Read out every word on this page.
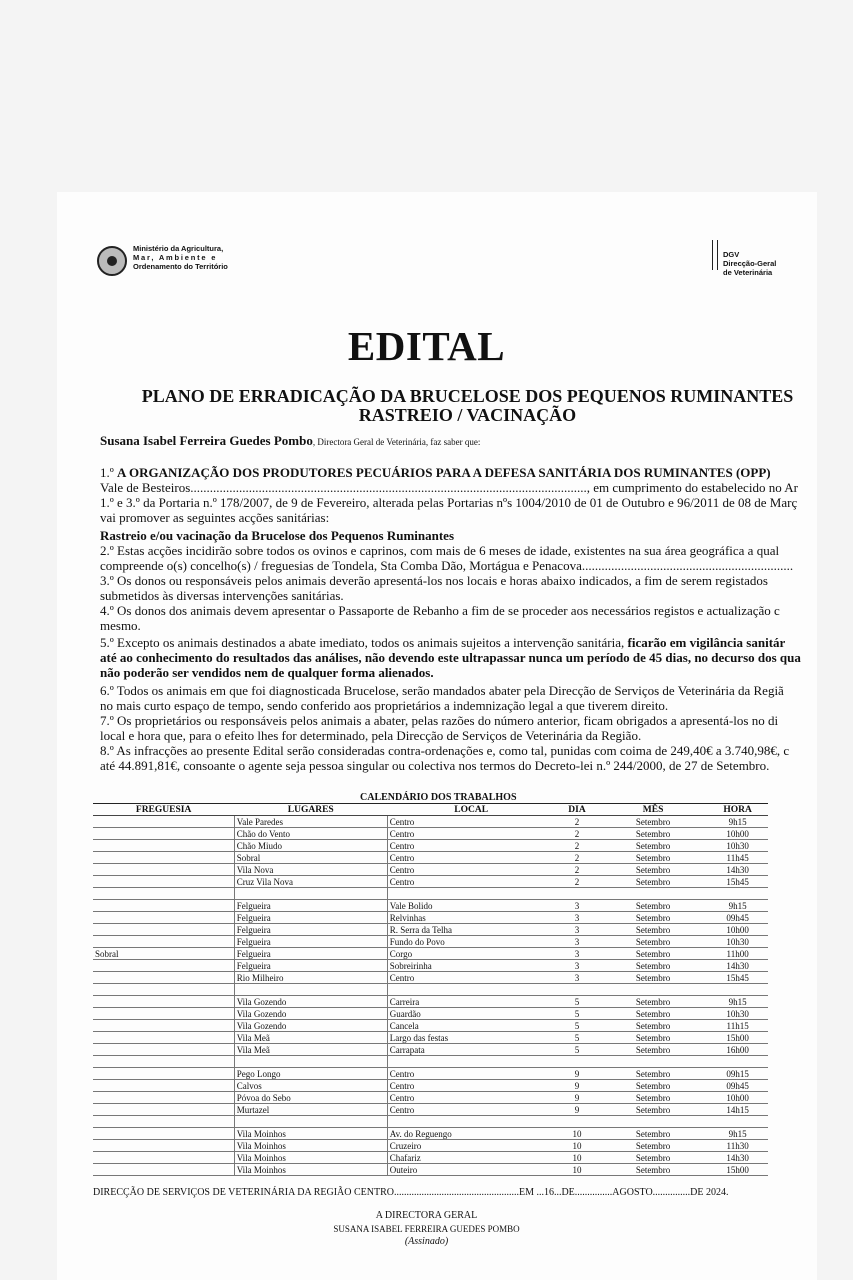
Ministério da Agricultura,
Mar, Ambiente e
Ordenamento do Território
DGV
Direcção-Geral
de Veterinária
EDITAL
PLANO DE ERRADICAÇÃO DA BRUCELOSE DOS PEQUENOS RUMINANTES
RASTREIO / VACINAÇÃO
Susana Isabel Ferreira Guedes Pombo, Directora Geral de Veterinária, faz saber que:
1.º A ORGANIZAÇÃO DOS PRODUTORES PECUÁRIOS PARA A DEFESA SANITÁRIA DOS RUMINANTES (OPP)
Vale de Besteiros.........................................................................................................................., em cumprimento do estabelecido no Ar
1.º e 3.º da Portaria n.º 178/2007, de 9 de Fevereiro, alterada pelas Portarias nºs 1004/2010 de 01 de Outubro e 96/2011 de 08 de Març
vai promover as seguintes acções sanitárias:
Rastreio e/ou vacinação da Brucelose dos Pequenos Ruminantes
2.º Estas acções incidirão sobre todos os ovinos e caprinos, com mais de 6 meses de idade, existentes na sua área geográfica a qual
compreende o(s) concelho(s) / freguesias de Tondela, Sta Comba Dão, Mortágua e Penacova.................................................................
3.º Os donos ou responsáveis pelos animais deverão apresentá-los nos locais e horas abaixo indicados, a fim de serem registados
submetidos às diversas intervenções sanitárias.
4.º Os donos dos animais devem apresentar o Passaporte de Rebanho a fim de se proceder aos necessários registos e actualização c
mesmo.
5.º Excepto os animais destinados a abate imediato, todos os animais sujeitos a intervenção sanitária, ficarão em vigilância sanitár
até ao conhecimento do resultados das análises, não devendo este ultrapassar nunca um período de 45 dias, no decurso dos qua
não poderão ser vendidos nem de qualquer forma alienados.
6.º Todos os animais em que foi diagnosticada Brucelose, serão mandados abater pela Direcção de Serviços de Veterinária da Regiã
no mais curto espaço de tempo, sendo conferido aos proprietários a indemnização legal a que tiverem direito.
7.º Os proprietários ou responsáveis pelos animais a abater, pelas razões do número anterior, ficam obrigados a apresentá-los no di
local e hora que, para o efeito lhes for determinado, pela Direcção de Serviços de Veterinária da Região.
8.º As infracções ao presente Edital serão consideradas contra-ordenações e, como tal, punidas com coima de 249,40€ a 3.740,98€, c
até 44.891,81€, consoante o agente seja pessoa singular ou colectiva nos termos do Decreto-lei n.º 244/2000, de 27 de Setembro.
CALENDÁRIO DOS TRABALHOS
FREGUESIA	LUGARES	LOCAL	DIA	MÊS	HORA
	Vale Paredes	Centro	2	Setembro	9h15
	Chão do Vento	Centro	2	Setembro	10h00
	Chão Miudo	Centro	2	Setembro	10h30
	Sobral	Centro	2	Setembro	11h45
	Vila Nova	Centro	2	Setembro	14h30
	Cruz Vila Nova	Centro	2	Setembro	15h45

	Felgueira	Vale Bolido	3	Setembro	9h15
	Felgueira	Relvinhas	3	Setembro	09h45
	Felgueira	R. Serra da Telha	3	Setembro	10h00
	Felgueira	Fundo do Povo	3	Setembro	10h30
Sobral	Felgueira	Corgo	3	Setembro	11h00
	Felgueira	Sobreirinha	3	Setembro	14h30
	Rio Milheiro	Centro	3	Setembro	15h45

	Vila Gozendo	Carreira	5	Setembro	9h15
	Vila Gozendo	Guardão	5	Setembro	10h30
	Vila Gozendo	Cancela	5	Setembro	11h15
	Vila Meã	Largo das festas	5	Setembro	15h00
	Vila Meã	Carrapata	5	Setembro	16h00

	Pego Longo	Centro	9	Setembro	09h15
	Calvos	Centro	9	Setembro	09h45
	Póvoa do Sebo	Centro	9	Setembro	10h00
	Murtazel	Centro	9	Setembro	14h15

	Vila Moinhos	Av. do Reguengo	10	Setembro	9h15
	Vila Moinhos	Cruzeiro	10	Setembro	11h30
	Vila Moinhos	Chafariz	10	Setembro	14h30
	Vila Moinhos	Outeiro	10	Setembro	15h00
DIRECÇÃO DE SERVIÇOS DE VETERINÁRIA DA REGIÃO CENTRO..................................................EM ...16...DE...............AGOSTO...............DE 2024.
A DIRECTORA GERAL
SUSANA ISABEL FERREIRA GUEDES POMBO
(Assinado)
